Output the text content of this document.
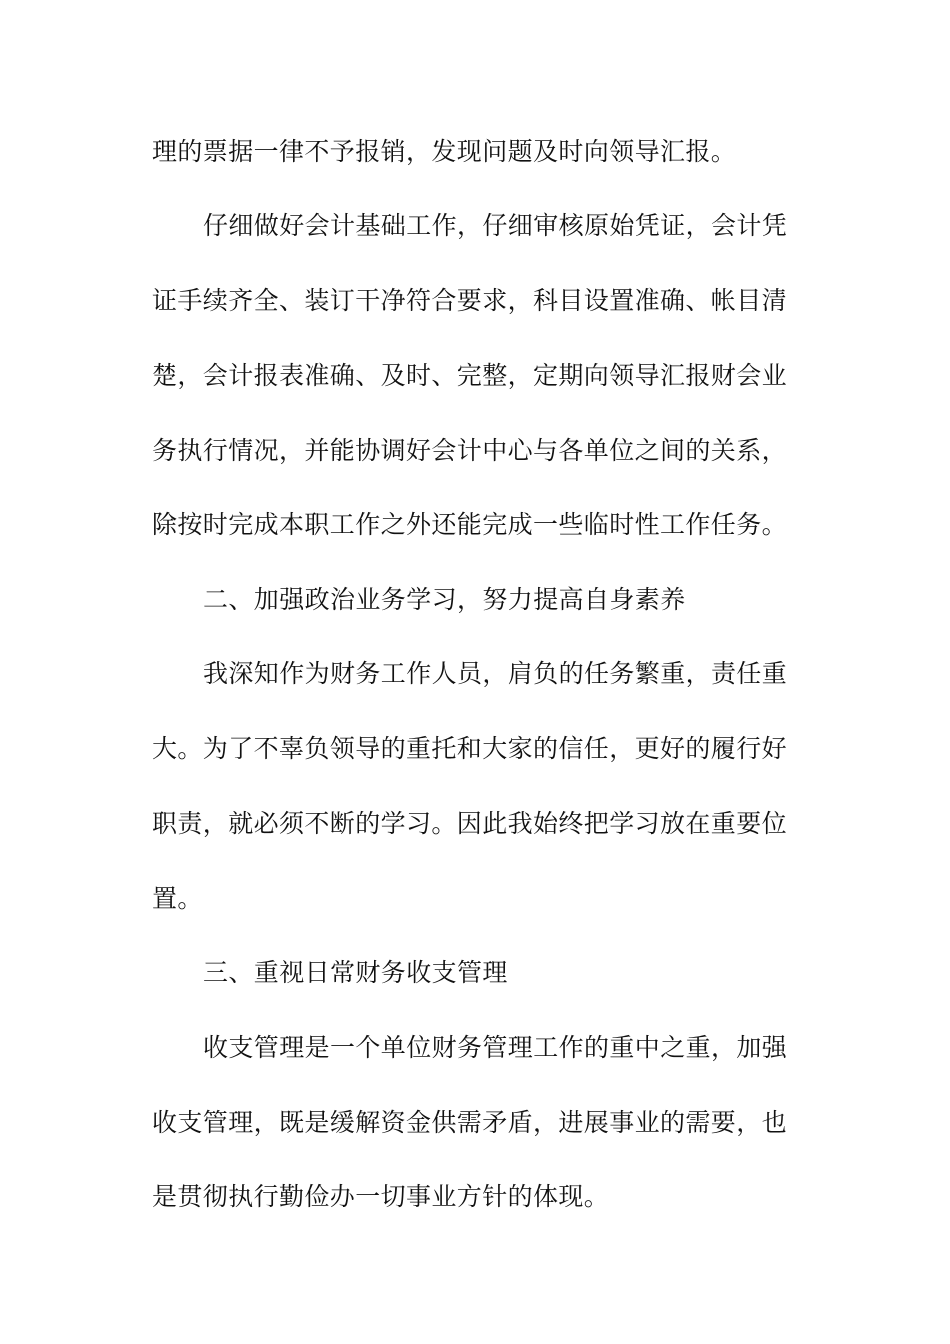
理的票据一律不予报销，发现问题及时向领导汇报。
仔细做好会计基础工作，仔细审核原始凭证，会计凭
证手续齐全、装订干净符合要求，科目设置准确、帐目清
楚，会计报表准确、及时、完整，定期向领导汇报财会业
务执行情况，并能协调好会计中心与各单位之间的关系，
除按时完成本职工作之外还能完成一些临时性工作任务。
二、加强政治业务学习，努力提高自身素养
我深知作为财务工作人员，肩负的任务繁重，责任重
大。为了不辜负领导的重托和大家的信任，更好的履行好
职责，就必须不断的学习。因此我始终把学习放在重要位
置。
三、重视日常财务收支管理
收支管理是一个单位财务管理工作的重中之重，加强
收支管理，既是缓解资金供需矛盾，进展事业的需要，也
是贯彻执行勤俭办一切事业方针的体现。
